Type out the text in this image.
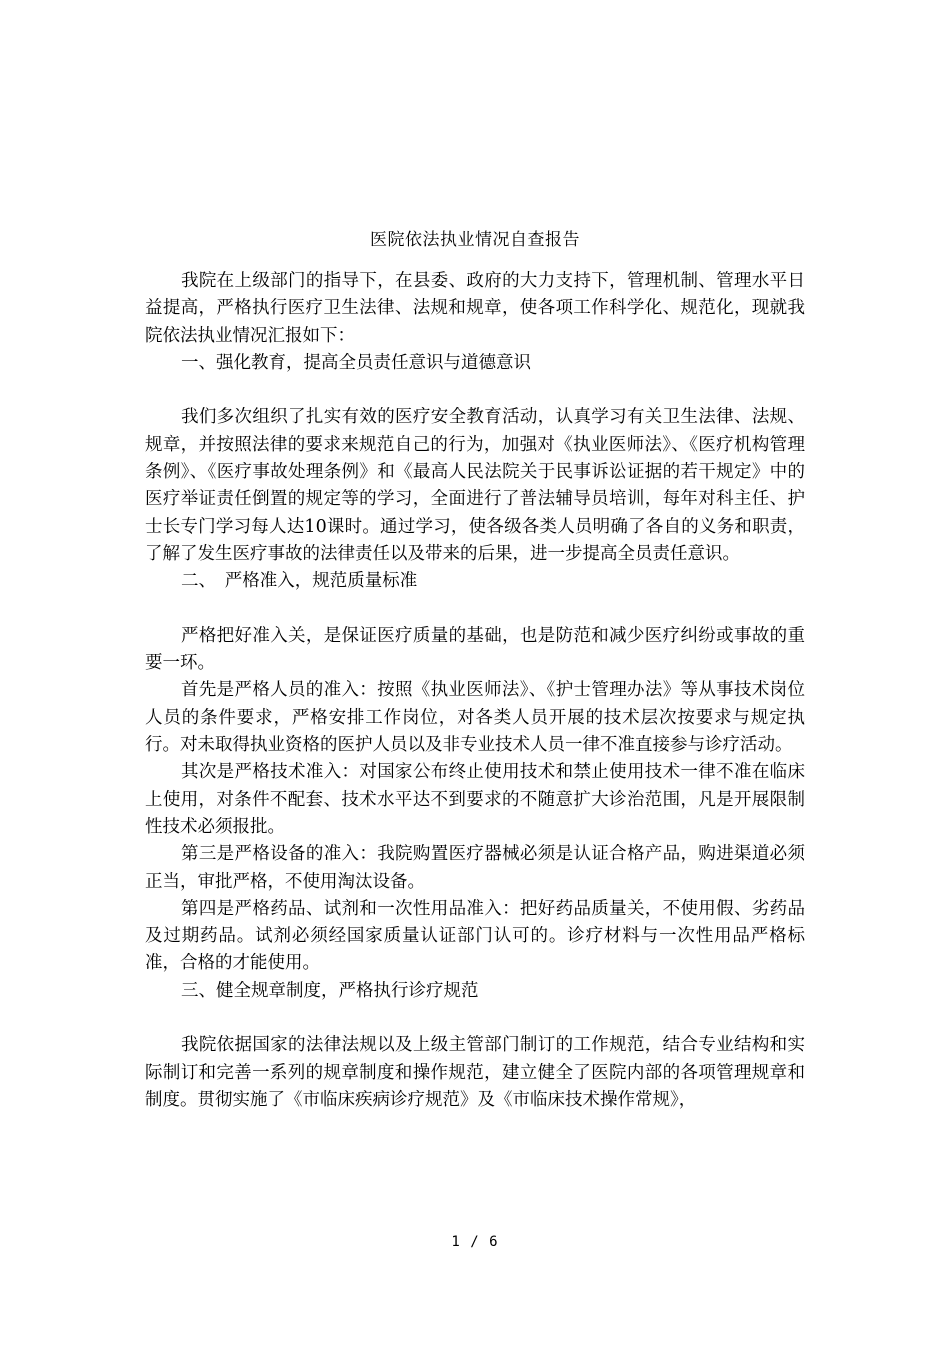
医院依法执业情况自查报告

我院在上级部门的指导下，在县委、政府的大力支持下，管理机制、管理水平日益提高，严格执行医疗卫生法律、法规和规章，使各项工作科学化、规范化，现就我院依法执业情况汇报如下：

一、强化教育，提高全员责任意识与道德意识

我们多次组织了扎实有效的医疗安全教育活动，认真学习有关卫生法律、法规、规章，并按照法律的要求来规范自己的行为，加强对《执业医师法》、《医疗机构管理条例》、《医疗事故处理条例》和《最高人民法院关于民事诉讼证据的若干规定》中的医疗举证责任倒置的规定等的学习，全面进行了普法辅导员培训，每年对科主任、护士长专门学习每人达10课时。通过学习，使各级各类人员明确了各自的义务和职责，了解了发生医疗事故的法律责任以及带来的后果，进一步提高全员责任意识。

二、　严格准入，规范质量标准

严格把好准入关，是保证医疗质量的基础，也是防范和减少医疗纠纷或事故的重要一环。

首先是严格人员的准入：按照《执业医师法》、《护士管理办法》等从事技术岗位人员的条件要求，严格安排工作岗位，对各类人员开展的技术层次按要求与规定执行。对未取得执业资格的医护人员以及非专业技术人员一律不准直接参与诊疗活动。

其次是严格技术准入：对国家公布终止使用技术和禁止使用技术一律不准在临床上使用，对条件不配套、技术水平达不到要求的不随意扩大诊治范围，凡是开展限制性技术必须报批。

第三是严格设备的准入：我院购置医疗器械必须是认证合格产品，购进渠道必须正当，审批严格，不使用淘汰设备。

第四是严格药品、试剂和一次性用品准入：把好药品质量关，不使用假、劣药品及过期药品。试剂必须经国家质量认证部门认可的。诊疗材料与一次性用品严格标准，合格的才能使用。

三、健全规章制度，严格执行诊疗规范

我院依据国家的法律法规以及上级主管部门制订的工作规范，结合专业结构和实际制订和完善一系列的规章制度和操作规范，建立健全了医院内部的各项管理规章和制度。贯彻实施了《市临床疾病诊疗规范》及《市临床技术操作常规》，

1 / 6
